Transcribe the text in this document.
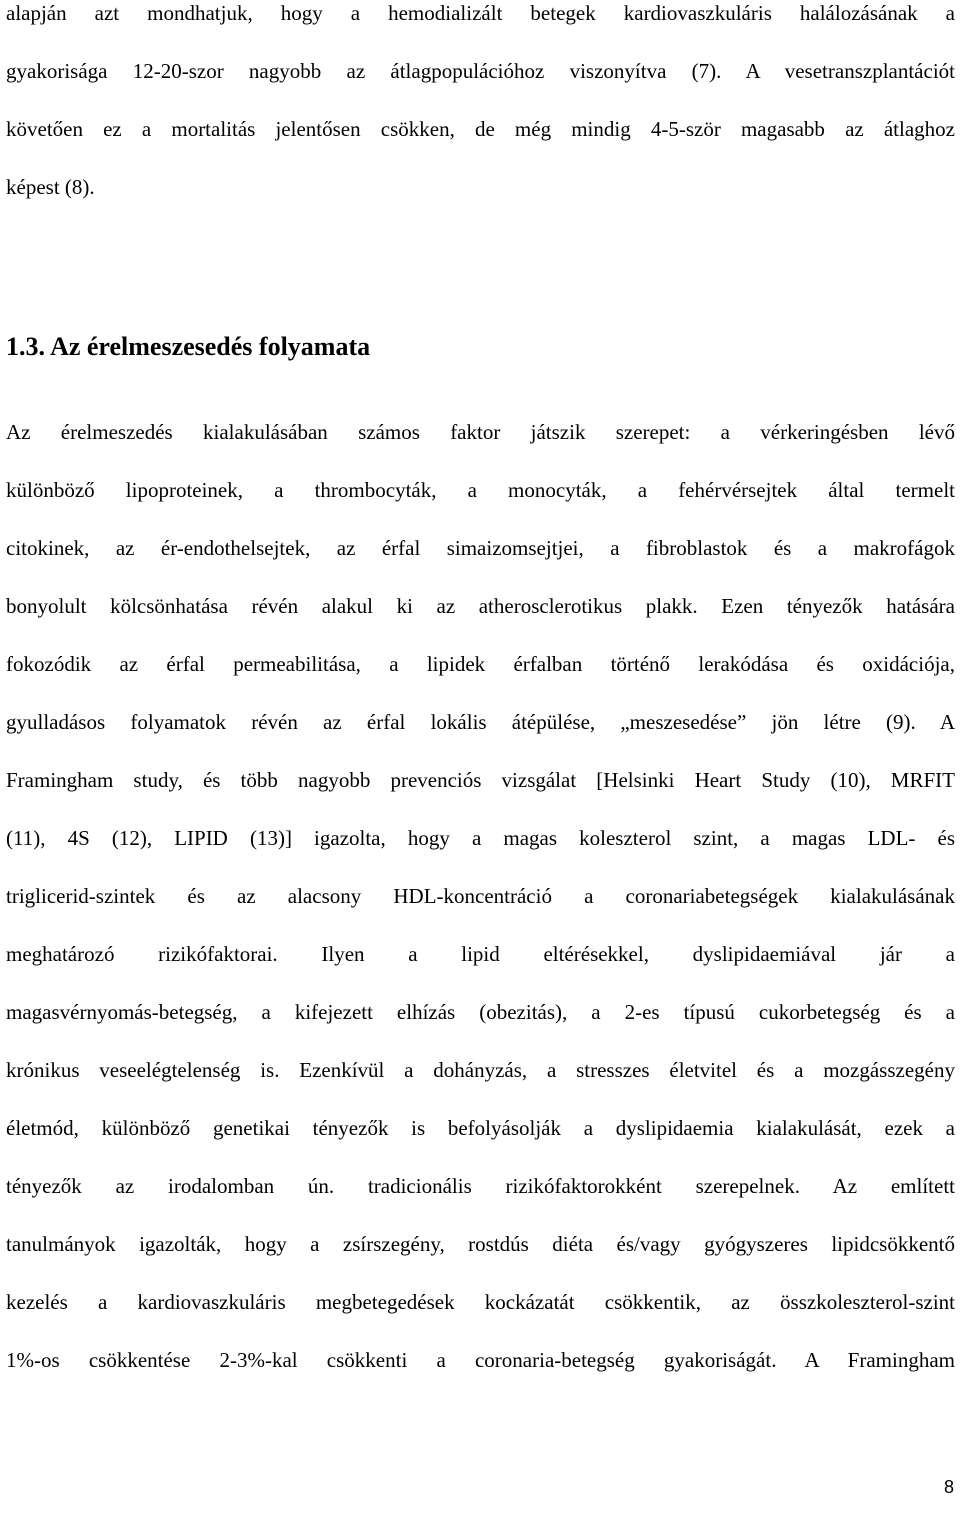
alapján azt mondhatjuk, hogy a hemodializált betegek kardiovaszkuláris halálozásának a
gyakorisága 12-20-szor nagyobb az átlagpopulációhoz viszonyítva (7). A vesetranszplantációt
követően ez a mortalitás jelentősen csökken, de még mindig 4-5-ször magasabb az átlaghoz
képest (8).
1.3. Az érelmeszesedés folyamata
Az érelmeszedés kialakulásában számos faktor játszik szerepet: a vérkeringésben lévő
különböző lipoproteinek, a thrombocyták, a monocyták, a fehérvérsejtek által termelt
citokinek, az ér-endothelsejtek, az érfal simaizomsejtjei, a fibroblastok és a makrofágok
bonyolult kölcsönhatása révén alakul ki az atherosclerotikus plakk. Ezen tényezők hatására
fokozódik az érfal permeabilitása, a lipidek érfalban történő lerakódása és oxidációja,
gyulladásos folyamatok révén az érfal lokális átépülése, „meszesedése” jön létre (9). A
Framingham study, és több nagyobb prevenciós vizsgálat [Helsinki Heart Study (10), MRFIT
(11), 4S (12), LIPID (13)] igazolta, hogy a magas koleszterol szint, a magas LDL- és
triglicerid-szintek és az alacsony HDL-koncentráció a coronariabetegségek kialakulásának
meghatározó rizikófaktorai. Ilyen a lipid eltérésekkel, dyslipidaemiával jár a
magasvérnyomás-betegség, a kifejezett elhízás (obezitás), a 2-es típusú cukorbetegség és a
krónikus veseelégtelenség is. Ezenkívül a dohányzás, a stresszes életvitel és a mozgásszegény
életmód, különböző genetikai tényezők is befolyásolják a dyslipidaemia kialakulását, ezek a
tényezők az irodalomban ún. tradicionális rizikófaktorokként szerepelnek. Az említett
tanulmányok igazolták, hogy a zsírszegény, rostdús diéta és/vagy gyógyszeres lipidcsökkentő
kezelés a kardiovaszkuláris megbetegedések kockázatát csökkentik, az összkoleszterol-szint
1%-os csökkentése 2-3%-kal csökkenti a coronaria-betegség gyakoriságát. A Framingham
8
